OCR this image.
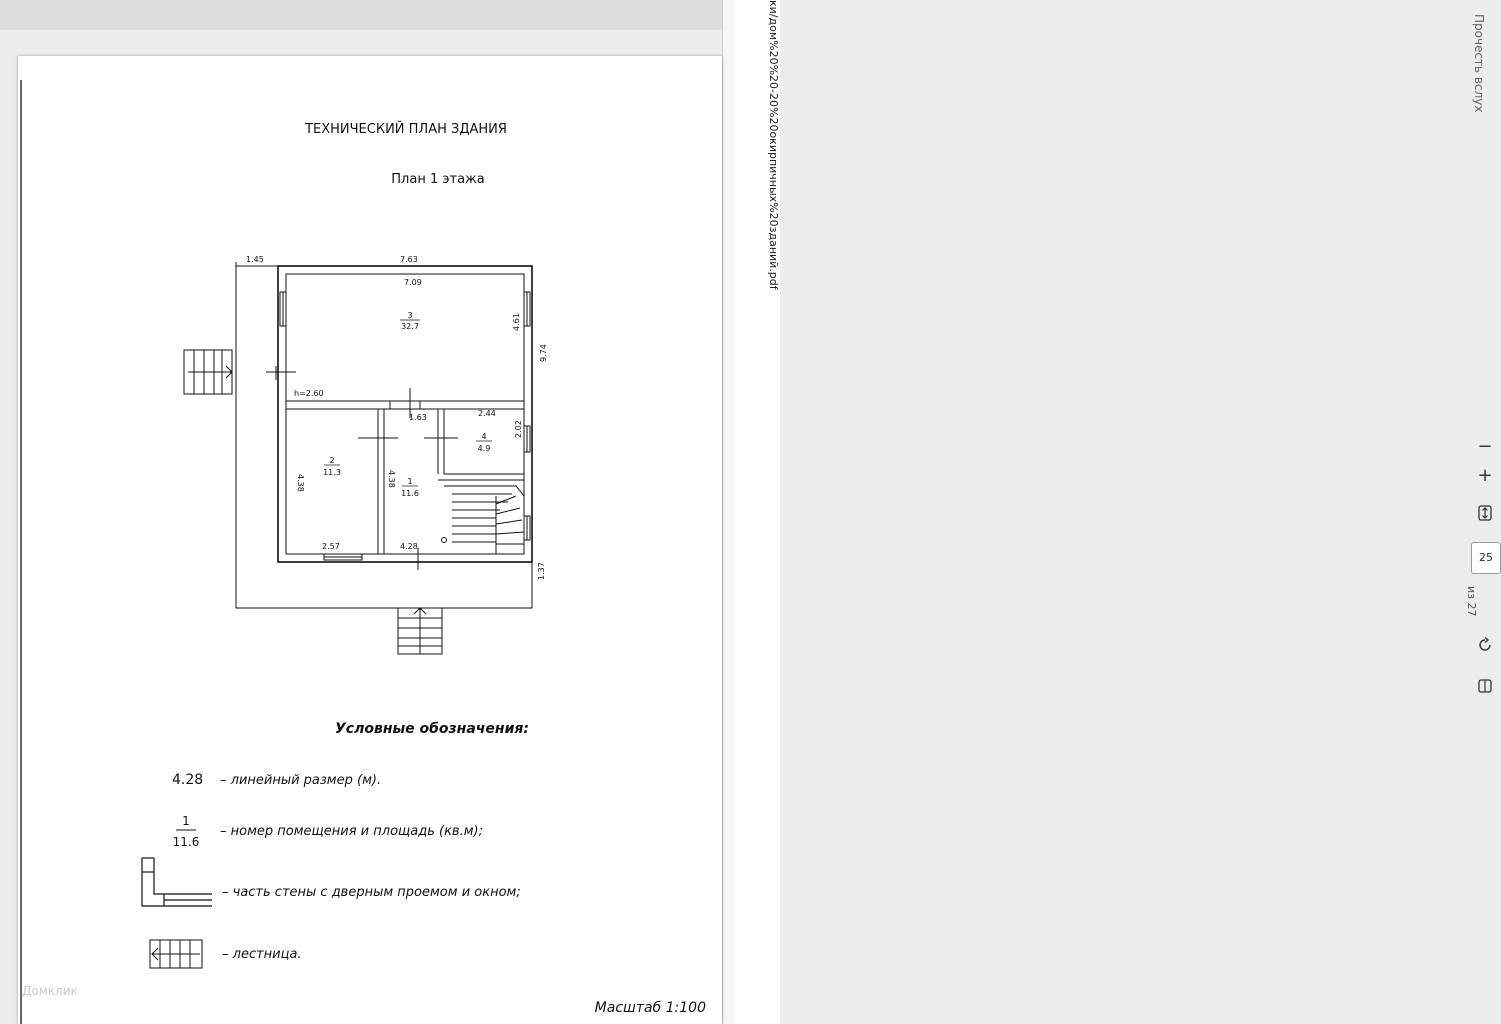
Прочесть вслух
−
+
25
из 27
ки/дом%20%20-20%20окирпичных%20зданий.pdf
ТЕХНИЧЕСКИЙ ПЛАН ЗДАНИЯ
План 1 этажа
1.45	7.63
7.09
4.61
9.74
h=2.60
1.63	2.44
2.02
4.38	4.38
2.57	4.28
1.37
3
32.7
2
11.3
1
11.6
4
4.9
Условные обозначения:
4.28 – линейный размер (м).
1
11.6
– номер помещения и площадь (кв.м);
– часть стены с дверным проемом и окном;
– лестница.
Масштаб 1:100
Домклик
